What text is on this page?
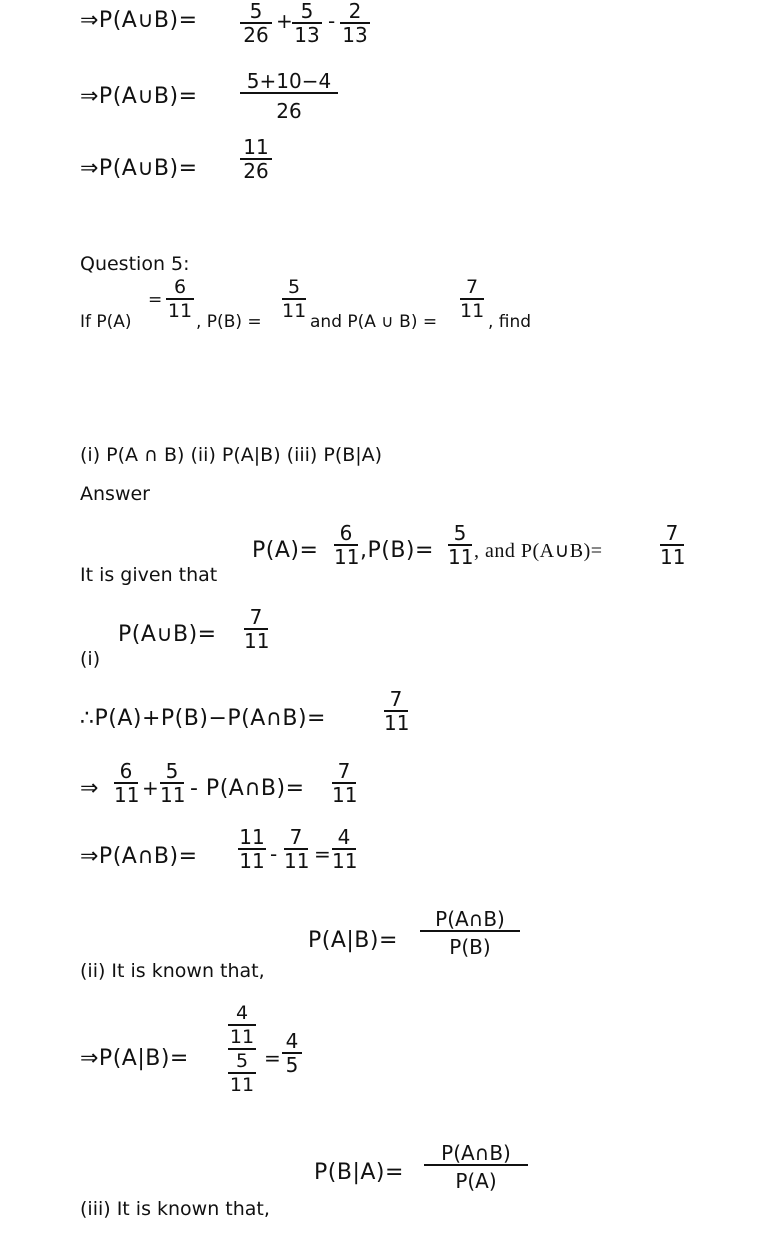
⇒P(A∪B)= $\frac{5}{26} + \frac{5}{13} - \frac{2}{13}$
⇒P(A∪B)= $\frac{5+10-4}{26}$
⇒P(A∪B)= $\frac{11}{26}$
Question 5:
If P(A)
= $\frac{6}{11}$ , $P(B) = \frac{5}{11}$ and P(A ∪ $B) = \frac{7}{11}$ , find
(i) P(A ∩ B) (ii) P(A|B) (iii) P(B|A)
Answer
It is given that
$P(A)= \frac{6}{11} ,P(B)= \frac{5}{11}$ , and P(A∪B)=	$\frac{7}{11}$
(i)
P(A∪B)= $\frac{7}{11}$
∴P(A)+P(B)−P(A∩B)=	$\frac{7}{11}$
⇒ $\frac{6}{11} + \frac{5}{11}$ - P(A∩B)= $\frac{7}{11}$
⇒P(A∩B)= $\frac{11}{11} - \frac{7}{11} = \frac{4}{11}$
$P(A|B)= \frac{P(A\cap B)}{P(B)}$
(ii) It is known that,
⇒P(A|B)=
4
11
5
11
= $\frac{4}{5}$
$P(B|A)= \frac{P(A\cap B)}{P(A)}$
(iii) It is known that,
